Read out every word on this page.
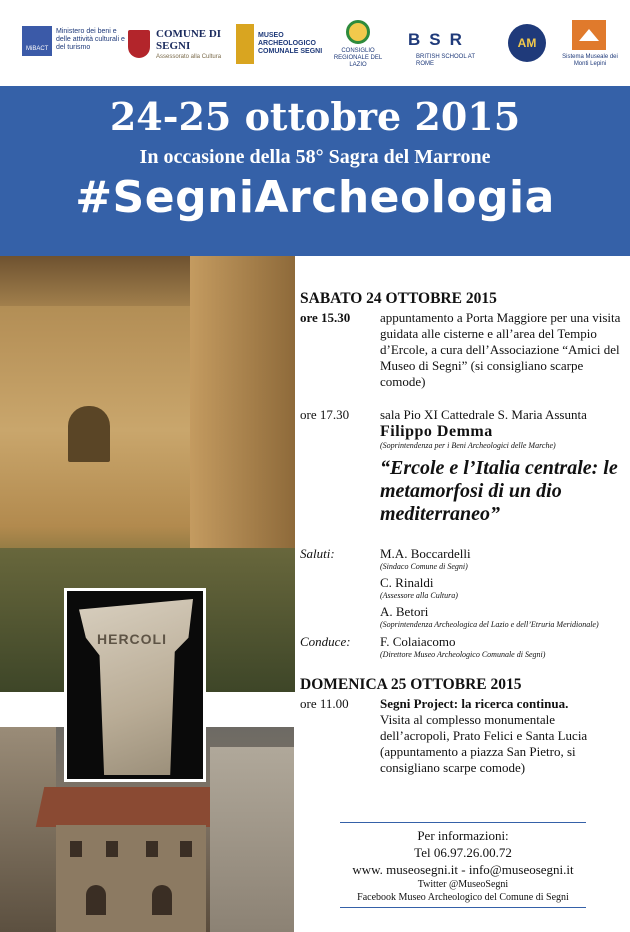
MiBACT
Ministero dei beni e delle attività culturali e del turismo
COMUNE DI SEGNI
Assessorato alla Cultura
MUSEO ARCHEOLOGICO COMUNALE SEGNI	CONSIGLIO REGIONALE DEL LAZIO
BSR
BRITISH SCHOOL AT ROME
AM
Sistema Museale dei Monti Lepini
24-25 ottobre 2015
In occasione della 58° Sagra del Marrone
#SegniArcheologia
HERCOLI
SABATO 24 OTTOBRE 2015
ore 15.30 appuntamento a Porta Maggiore per una visita guidata alle cisterne e all’area del Tempio d’Ercole, a cura dell’Associazione “Amici del Museo di Segni” (si consigliano scarpe comode)
ore 17.30 sala Pio XI Cattedrale S. Maria Assunta
Filippo Demma
(Soprintendenza per i Beni Archeologici delle Marche)
“Ercole e l’Italia centrale: le metamorfosi di un dio mediterraneo”
Saluti:	M.A. Boccardelli
(Sindaco Comune di Segni)
C. Rinaldi
(Assessore alla Cultura)
A. Betori
(Soprintendenza Archeologica del Lazio e dell’Etruria Meridionale)
Conduce: F. Colaiacomo
(Direttore Museo Archeologico Comunale di Segni)
DOMENICA 25 OTTOBRE 2015
ore 11.00 Segni Project: la ricerca continua.
Visita al complesso monumentale dell’acropoli, Prato Felici e Santa Lucia (appuntamento a piazza San Pietro, si consigliano scarpe comode)
Per informazioni:
Tel 06.97.26.00.72
www. museosegni.it - info@museosegni.it
Twitter @MuseoSegni
Facebook Museo Archeologico del Comune di Segni
